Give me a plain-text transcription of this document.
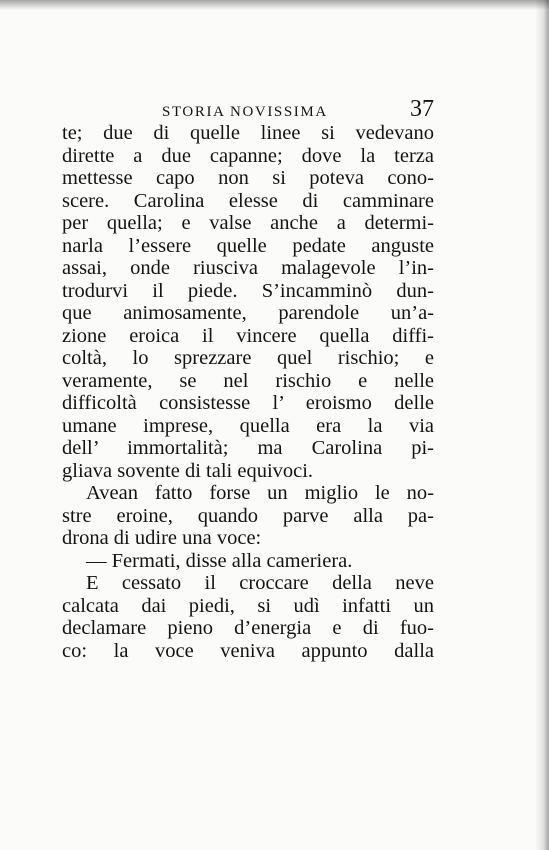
STORIA NOVISSIMA	37
te; due di quelle linee si vedevano
dirette a due capanne; dove la terza
mettesse capo non si poteva cono-
scere. Carolina elesse di camminare
per quella; e valse anche a determi-
narla l’essere quelle pedate anguste
assai, onde riusciva malagevole l’in-
trodurvi il piede. S’incamminò dun-
que animosamente, parendole un’a-
zione eroica il vincere quella diffi-
coltà, lo sprezzare quel rischio; e
veramente, se nel rischio e nelle
difficoltà consistesse l’ eroismo delle
umane imprese, quella era la via
dell’ immortalità; ma Carolina pi-
gliava sovente di tali equivoci.
Avean fatto forse un miglio le no-
stre eroine, quando parve alla pa-
drona di udire una voce:
— Fermati, disse alla cameriera.
E cessato il croccare della neve
calcata dai piedi, si udì infatti un
declamare pieno d’energia e di fuo-
co: la voce veniva appunto dalla
